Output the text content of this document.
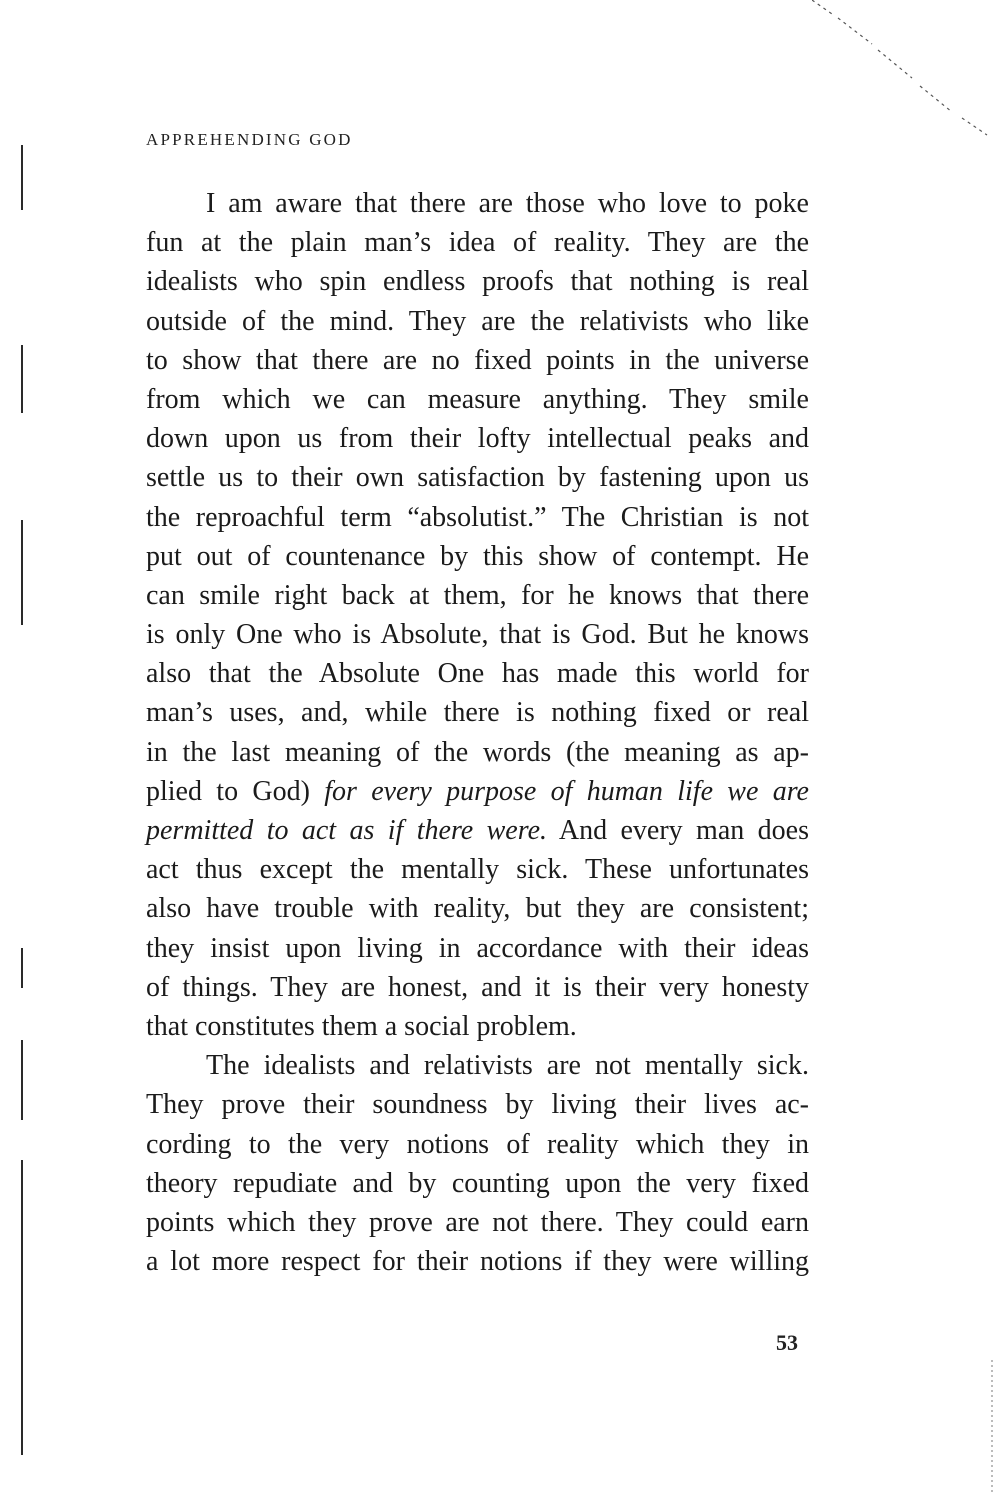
APPREHENDING GOD
I am aware that there are those who love to poke
fun at the plain man’s idea of reality. They are the
idealists who spin endless proofs that nothing is real
outside of the mind. They are the relativists who like
to show that there are no fixed points in the universe
from which we can measure anything. They smile
down upon us from their lofty intellectual peaks and
settle us to their own satisfaction by fastening upon us
the reproachful term “absolutist.” The Christian is not
put out of countenance by this show of contempt. He
can smile right back at them, for he knows that there
is only One who is Absolute, that is God. But he knows
also that the Absolute One has made this world for
man’s uses, and, while there is nothing fixed or real
in the last meaning of the words (the meaning as ap-
plied to God) for every purpose of human life we are
permitted to act as if there were. And every man does
act thus except the mentally sick. These unfortunates
also have trouble with reality, but they are consistent;
they insist upon living in accordance with their ideas
of things. They are honest, and it is their very honesty
that constitutes them a social problem.
The idealists and relativists are not mentally sick.
They prove their soundness by living their lives ac-
cording to the very notions of reality which they in
theory repudiate and by counting upon the very fixed
points which they prove are not there. They could earn
a lot more respect for their notions if they were willing
53
